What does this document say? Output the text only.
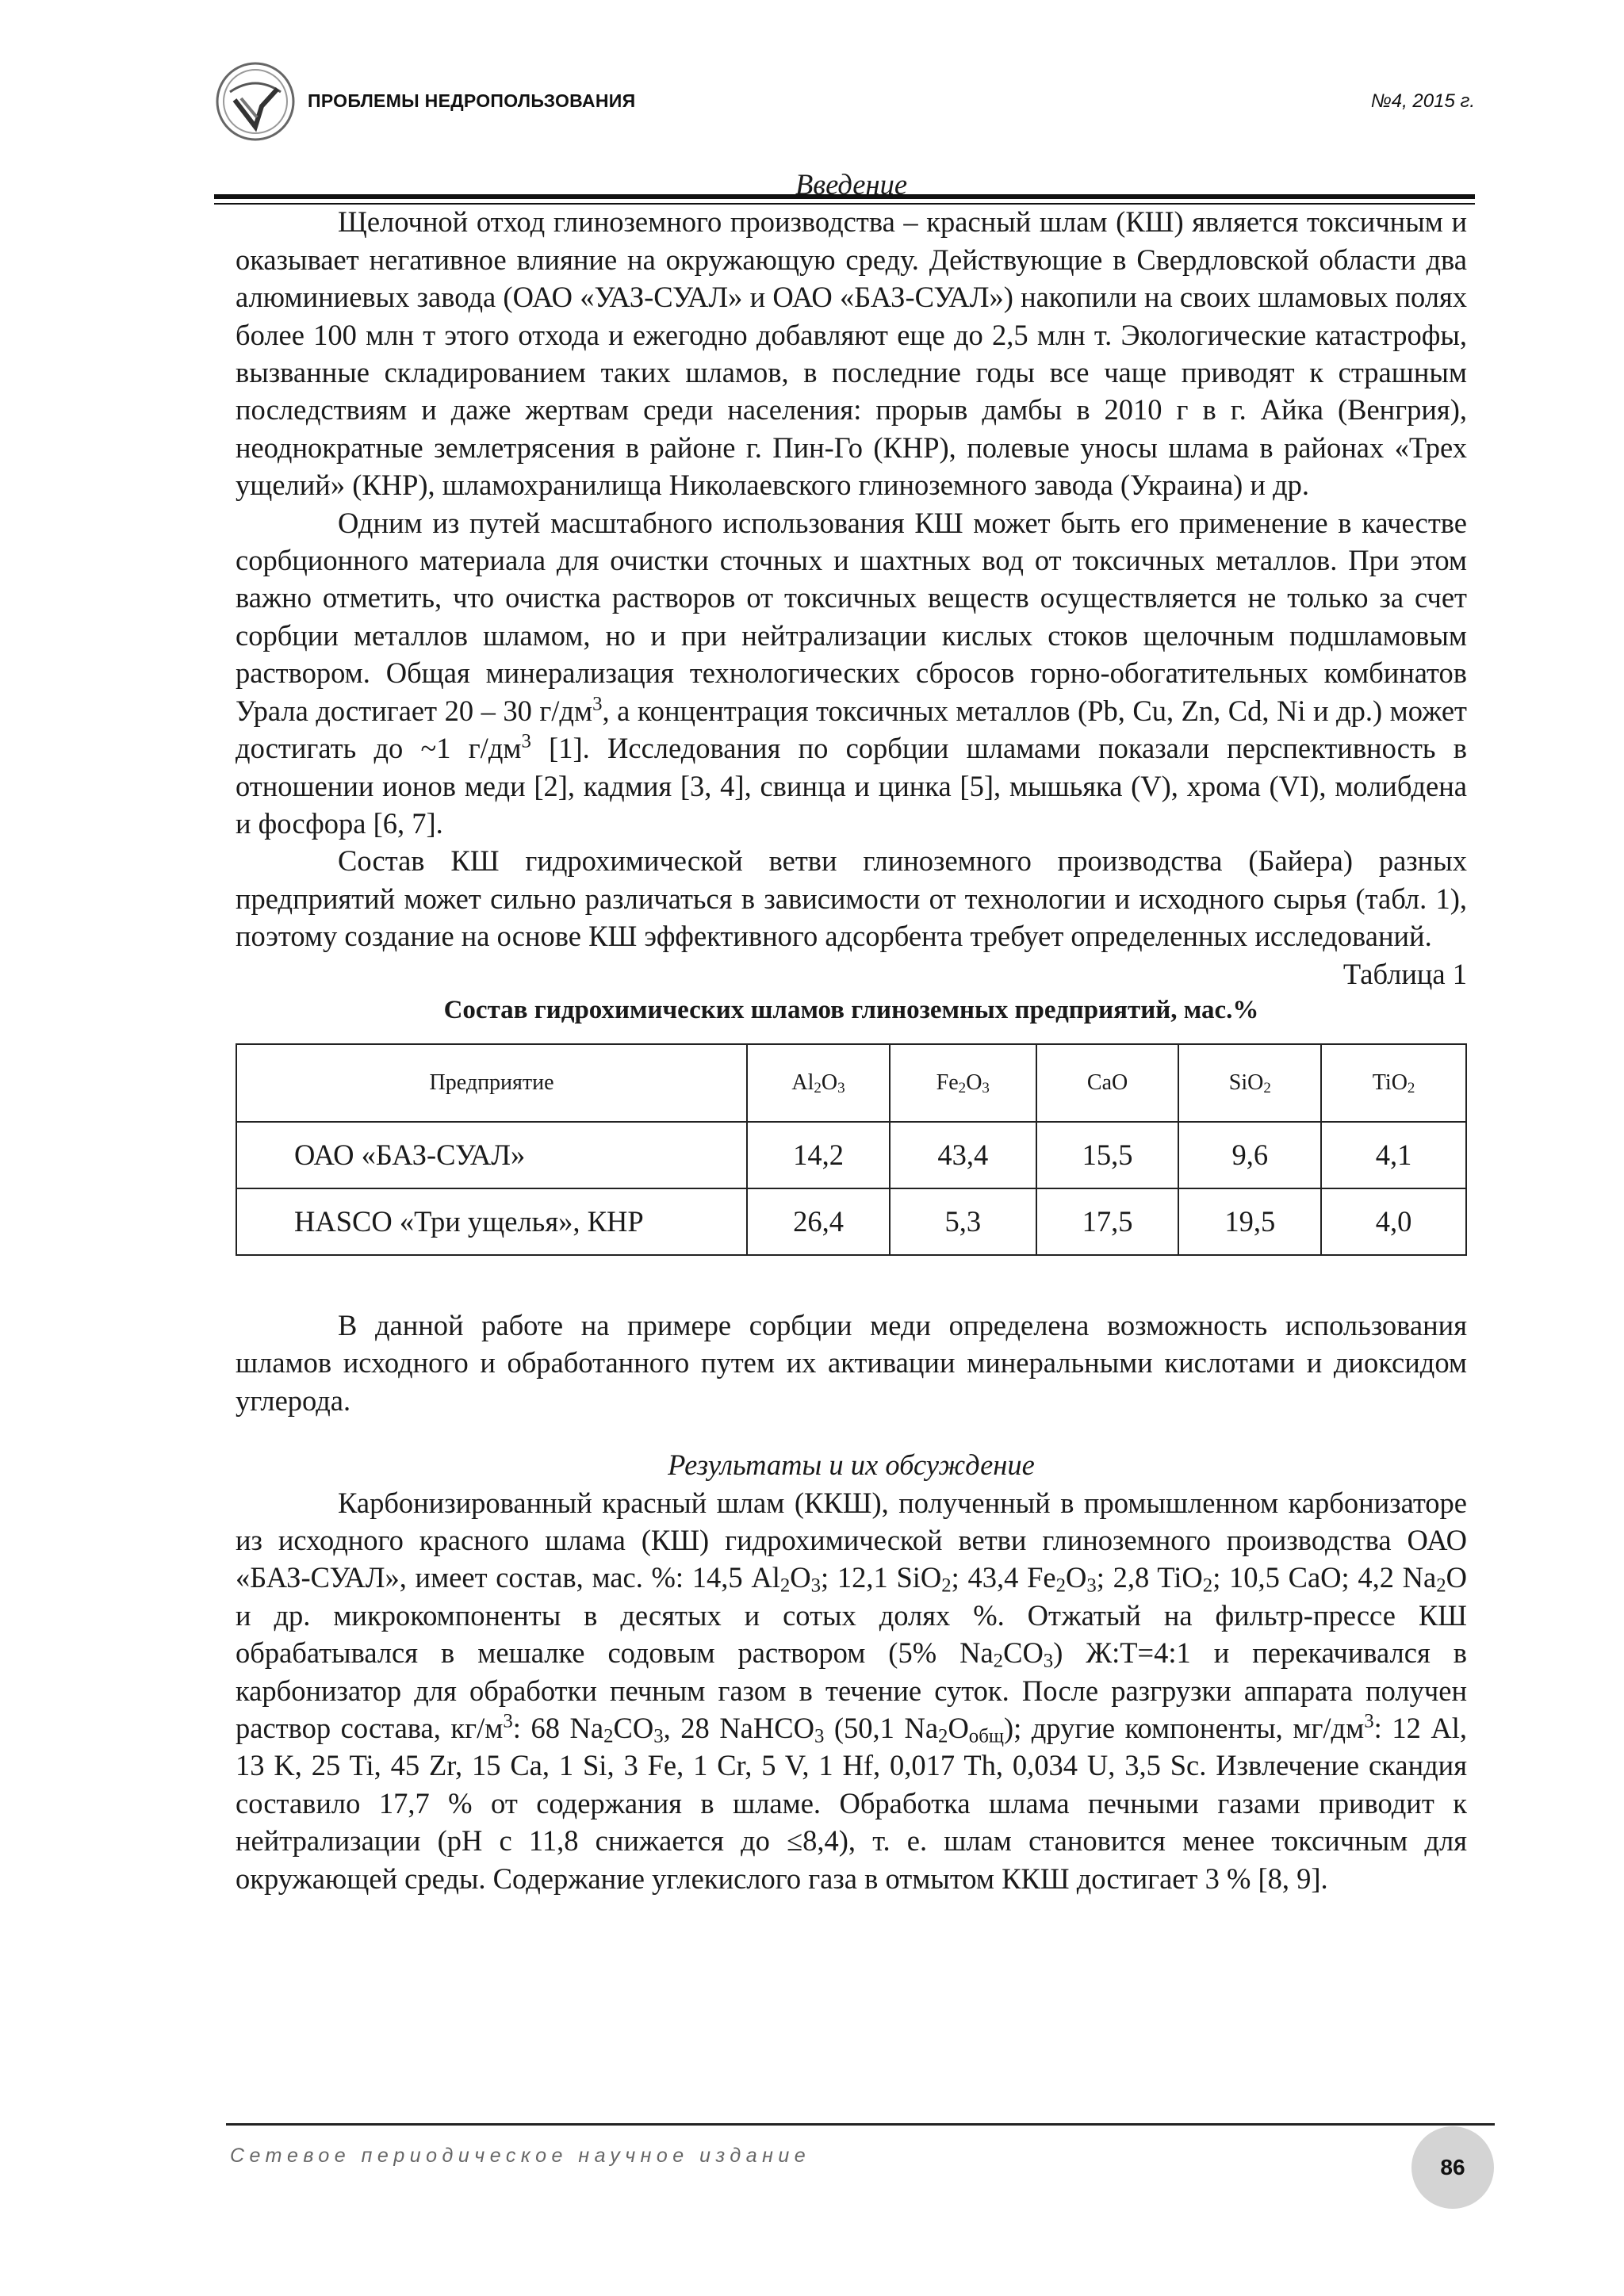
ПРОБЛЕМЫ НЕДРОПОЛЬЗОВАНИЯ	№4, 2015 г.
Введение

Щелочной отход глиноземного производства – красный шлам (КШ) является токсичным и оказывает негативное влияние на окружающую среду. Действующие в Свердловской области два алюминиевых завода (ОАО «УАЗ-СУАЛ» и ОАО «БАЗ-СУАЛ») накопили на своих шламовых полях более 100 млн т этого отхода и ежегодно добавляют еще до 2,5 млн т. Экологические катастрофы, вызванные складированием таких шламов, в последние годы все чаще приводят к страшным последствиям и даже жертвам среди населения: прорыв дамбы в 2010 г в г. Айка (Венгрия), неоднократные землетрясения в районе г. Пин-Го (КНР), полевые уносы шлама в районах «Трех ущелий» (КНР), шламохранилища Николаевского глиноземного завода (Украина) и др.

Одним из путей масштабного использования КШ может быть его применение в качестве сорбционного материала для очистки сточных и шахтных вод от токсичных металлов. При этом важно отметить, что очистка растворов от токсичных веществ осуществляется не только за счет сорбции металлов шламом, но и при нейтрализации кислых стоков щелочным подшламовым раствором. Общая минерализация технологических сбросов горно-обогатительных комбинатов Урала достигает 20 – 30 $г/дм^3$, а концентрация токсичных металлов (Pb, Cu, Zn, Cd, Ni и др.) может достигать до ~1 $г/дм^3$ [1]. Исследования по сорбции шламами показали перспективность в отношении ионов меди [2], кадмия [3, 4], свинца и цинка [5], мышьяка (V), хрома (VI), молибдена и фосфора [6, 7].

Состав КШ гидрохимической ветви глиноземного производства (Байера) разных предприятий может сильно различаться в зависимости от технологии и исходного сырья (табл. 1), поэтому создание на основе КШ эффективного адсорбента требует определенных исследований.

Таблица 1
Состав гидрохимических шламов глиноземных предприятий, мас.%
Предприятие	$Al_2O_3$	$Fe_2O_3$	CaO	SiO$_2$	TiO$_2$
ОАО «БАЗ-СУАЛ»	14,2	43,4	15,5	9,6	4,1
HASCO «Три ущелья», КНР	26,4	5,3	17,5	19,5	4,0

В данной работе на примере сорбции меди определена возможность использования шламов исходного и обработанного путем их активации минеральными кислотами и диоксидом углерода.

Результаты и их обсуждение

Карбонизированный красный шлам (ККШ), полученный в промышленном карбонизаторе из исходного красного шлама (КШ) гидрохимической ветви глиноземного производства ОАО «БАЗ-СУАЛ», имеет состав, мас. %: 14,5 $Al_2O_3$; 12,1 SiO$_2$; 43,4 $Fe_2O_3$; 2,8 TiO$_2$; 10,5 CaO; 4,2 $Na_2O$ и др. микрокомпоненты в десятых и сотых долях %. Отжатый на фильтр-прессе КШ обрабатывался в мешалке содовым раствором (5% $Na_2CO_3$) Ж:Т=4:1 и перекачивался в карбонизатор для обработки печным газом в течение суток. После разгрузки аппарата получен раствор состава, $кг/м^3$: 68 $Na_2CO_3$, 28 NaHCO$_3$ (50,1 $Na_2O_{общ}$); другие компоненты, $мг/дм^3$: 12 Al, 13 K, 25 Ti, 45 Zr, 15 Ca, 1 Si, 3 Fe, 1 Cr, 5 V, 1 Hf, 0,017 Th, 0,034 U, 3,5 Sc. Извлечение скандия составило 17,7 % от содержания в шламе. Обработка шлама печными газами приводит к нейтрализации (pH с 11,8 снижается до ≤8,4), т. е. шлам становится менее токсичным для окружающей среды. Содержание углекислого газа в отмытом ККШ достигает 3 % [8, 9].

Сетевое периодическое научное издание	86
